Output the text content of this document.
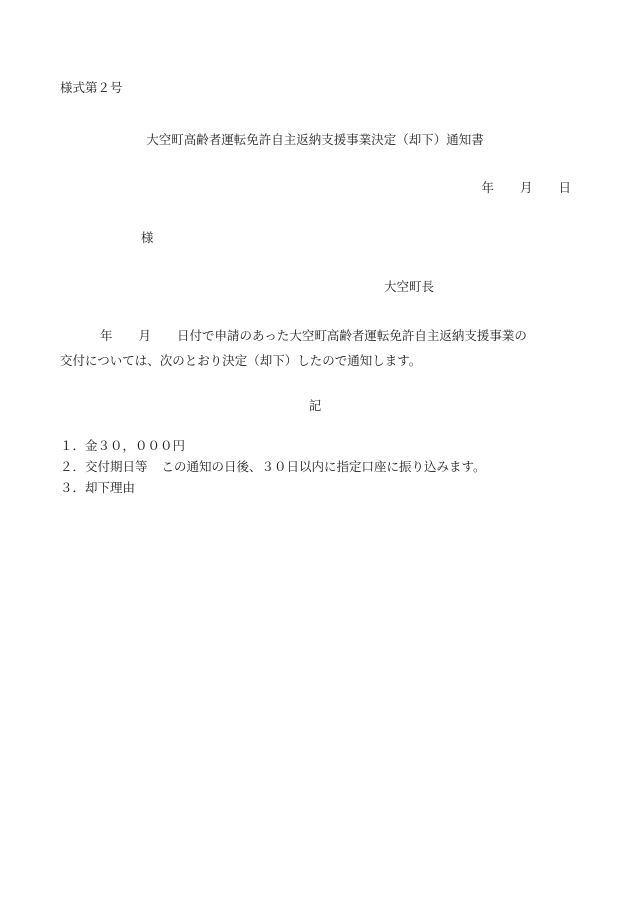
様式第２号
大空町高齢者運転免許自主返納支援事業決定（却下）通知書
年 月 日
様
大空町長
年 月 日付で申請のあった大空町高齢者運転免許自主返納支援事業の
交付については、次のとおり決定（却下）したので通知します。
記
１．金３０，０００円
２．交付期日等 この通知の日後、３０日以内に指定口座に振り込みます。
３．却下理由
